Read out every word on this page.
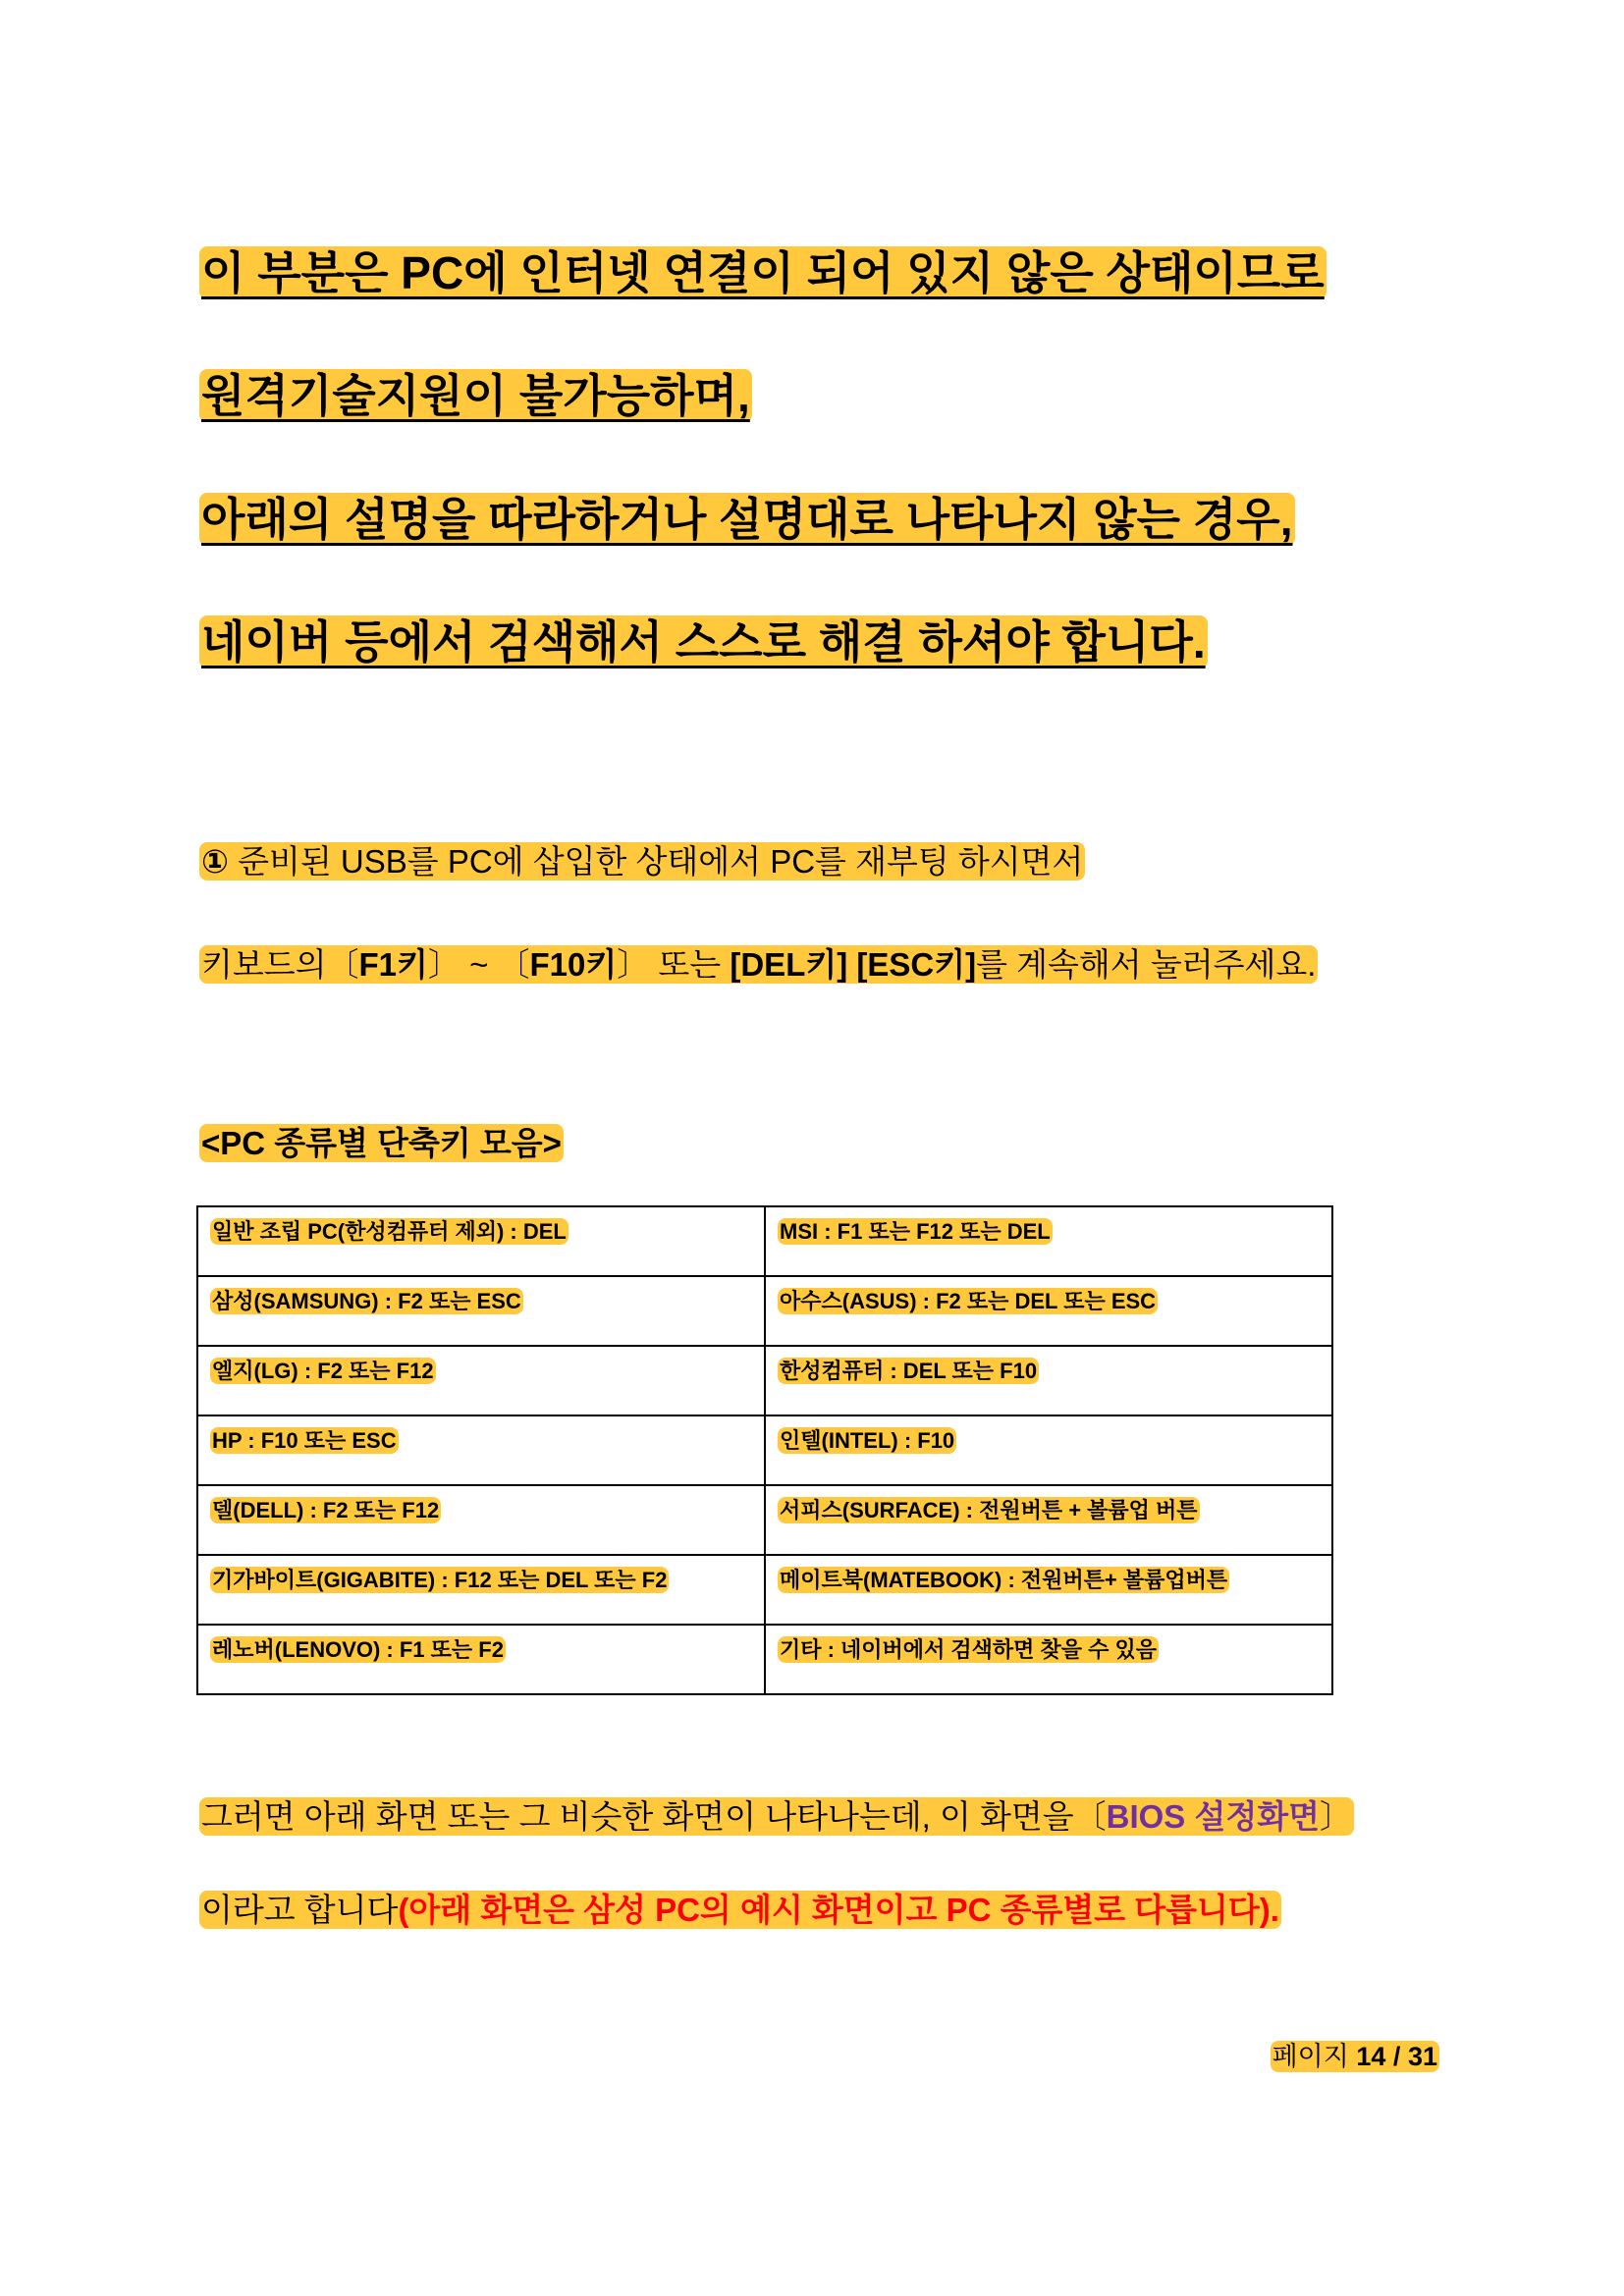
이 부분은 PC에 인터넷 연결이 되어 있지 않은 상태이므로
원격기술지원이 불가능하며,
아래의 설명을 따라하거나 설명대로 나타나지 않는 경우,
네이버 등에서 검색해서 스스로 해결 하셔야 합니다.
① 준비된 USB를 PC에 삽입한 상태에서 PC를 재부팅 하시면서
키보드의〔F1키〕 ~ 〔F10키〕 또는 [DEL키] [ESC키]를 계속해서 눌러주세요.
<PC 종류별 단축키 모음>
일반 조립 PC(한성컴퓨터 제외) : DEL	MSI : F1 또는 F12 또는 DEL
삼성(SAMSUNG) : F2 또는 ESC	아수스(ASUS) : F2 또는 DEL 또는 ESC
엘지(LG) : F2 또는 F12	한성컴퓨터 : DEL 또는 F10
HP : F10 또는 ESC	인텔(INTEL) : F10
델(DELL) : F2 또는 F12	서피스(SURFACE) : 전원버튼 + 볼륨업 버튼
기가바이트(GIGABITE) : F12 또는 DEL 또는 F2	메이트북(MATEBOOK) : 전원버튼+ 볼륨업버튼
레노버(LENOVO) : F1 또는 F2	기타 : 네이버에서 검색하면 찾을 수 있음
그러면 아래 화면 또는 그 비슷한 화면이 나타나는데, 이 화면을〔BIOS 설정화면〕
이라고 합니다(아래 화면은 삼성 PC의 예시 화면이고 PC 종류별로 다릅니다).
페이지 14 / 31
